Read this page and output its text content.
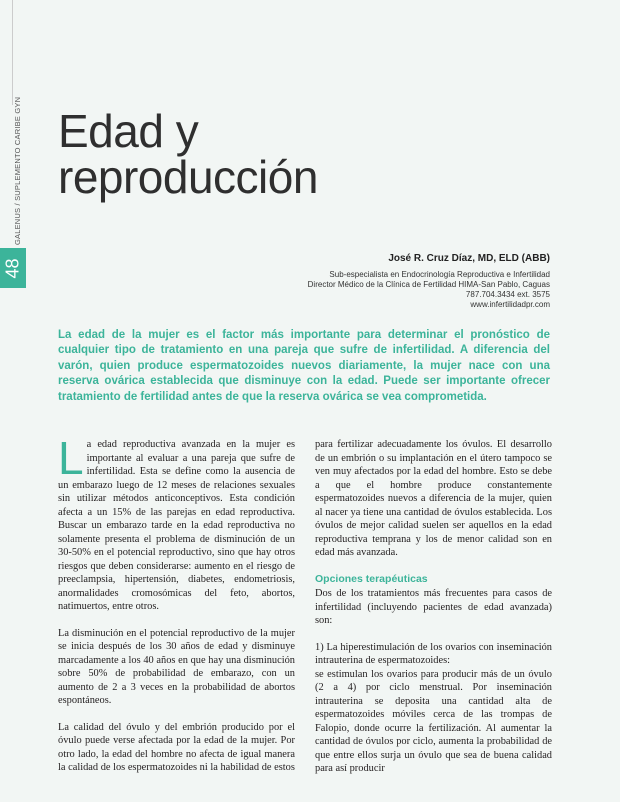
GALENUS / SUPLEMENTO CARIBE GYN
48
Edad y
reproducción
José R. Cruz Díaz, MD, ELD (ABB)
Sub-especialista en Endocrinología Reproductiva e Infertilidad
Director Médico de la Clínica de Fertilidad HIMA-San Pablo, Caguas
787.704.3434 ext. 3575
www.infertilidadpr.com

La edad de la mujer es el factor más importante para determinar el pronóstico de cualquier tipo de tratamiento en una pareja que sufre de infertilidad. A diferencia del varón, quien produce espermatozoides nuevos diariamente, la mujer nace con una reserva ovárica establecida que disminuye con la edad. Puede ser importante ofrecer tratamiento de fertilidad antes de que la reserva ovárica se vea comprometida.

La edad reproductiva avanzada en la mujer es importante al evaluar a una pareja que sufre de infertilidad. Esta se define como la ausencia de un embarazo luego de 12 meses de relaciones sexuales sin utilizar métodos anticonceptivos. Esta condición afecta a un 15% de las parejas en edad reproductiva. Buscar un embarazo tarde en la edad reproductiva no solamente presenta el problema de disminución de un 30-50% en el potencial reproductivo, sino que hay otros riesgos que deben considerarse: aumento en el riesgo de preeclampsia, hipertensión, diabetes, endometriosis, anormalidades cromosómicas del feto, abortos, natimuertos, entre otros.

La disminución en el potencial reproductivo de la mujer se inicia después de los 30 años de edad y disminuye marcadamente a los 40 años en que hay una disminución sobre 50% de probabilidad de embarazo, con un aumento de 2 a 3 veces en la probabilidad de abortos espontáneos.

La calidad del óvulo y del embrión producido por el óvulo puede verse afectada por la edad de la mujer. Por otro lado, la edad del hombre no afecta de igual manera la calidad de los espermatozoides ni la habilidad de estos

para fertilizar adecuadamente los óvulos. El desarrollo de un embrión o su implantación en el útero tampoco se ven muy afectados por la edad del hombre. Esto se debe a que el hombre produce constantemente espermatozoides nuevos a diferencia de la mujer, quien al nacer ya tiene una cantidad de óvulos establecida. Los óvulos de mejor calidad suelen ser aquellos en la edad reproductiva temprana y los de menor calidad son en edad más avanzada.

Opciones terapéuticas

Dos de los tratamientos más frecuentes para casos de infertilidad (incluyendo pacientes de edad avanzada) son:

1) La hiperestimulación de los ovarios con inseminación intrauterina de espermatozoides:

se estimulan los ovarios para producir más de un óvulo (2 a 4) por ciclo menstrual. Por inseminación intrauterina se deposita una cantidad alta de espermatozoides móviles cerca de las trompas de Falopio, donde ocurre la fertilización. Al aumentar la cantidad de óvulos por ciclo, aumenta la probabilidad de que entre ellos surja un óvulo que sea de buena calidad para así producir
